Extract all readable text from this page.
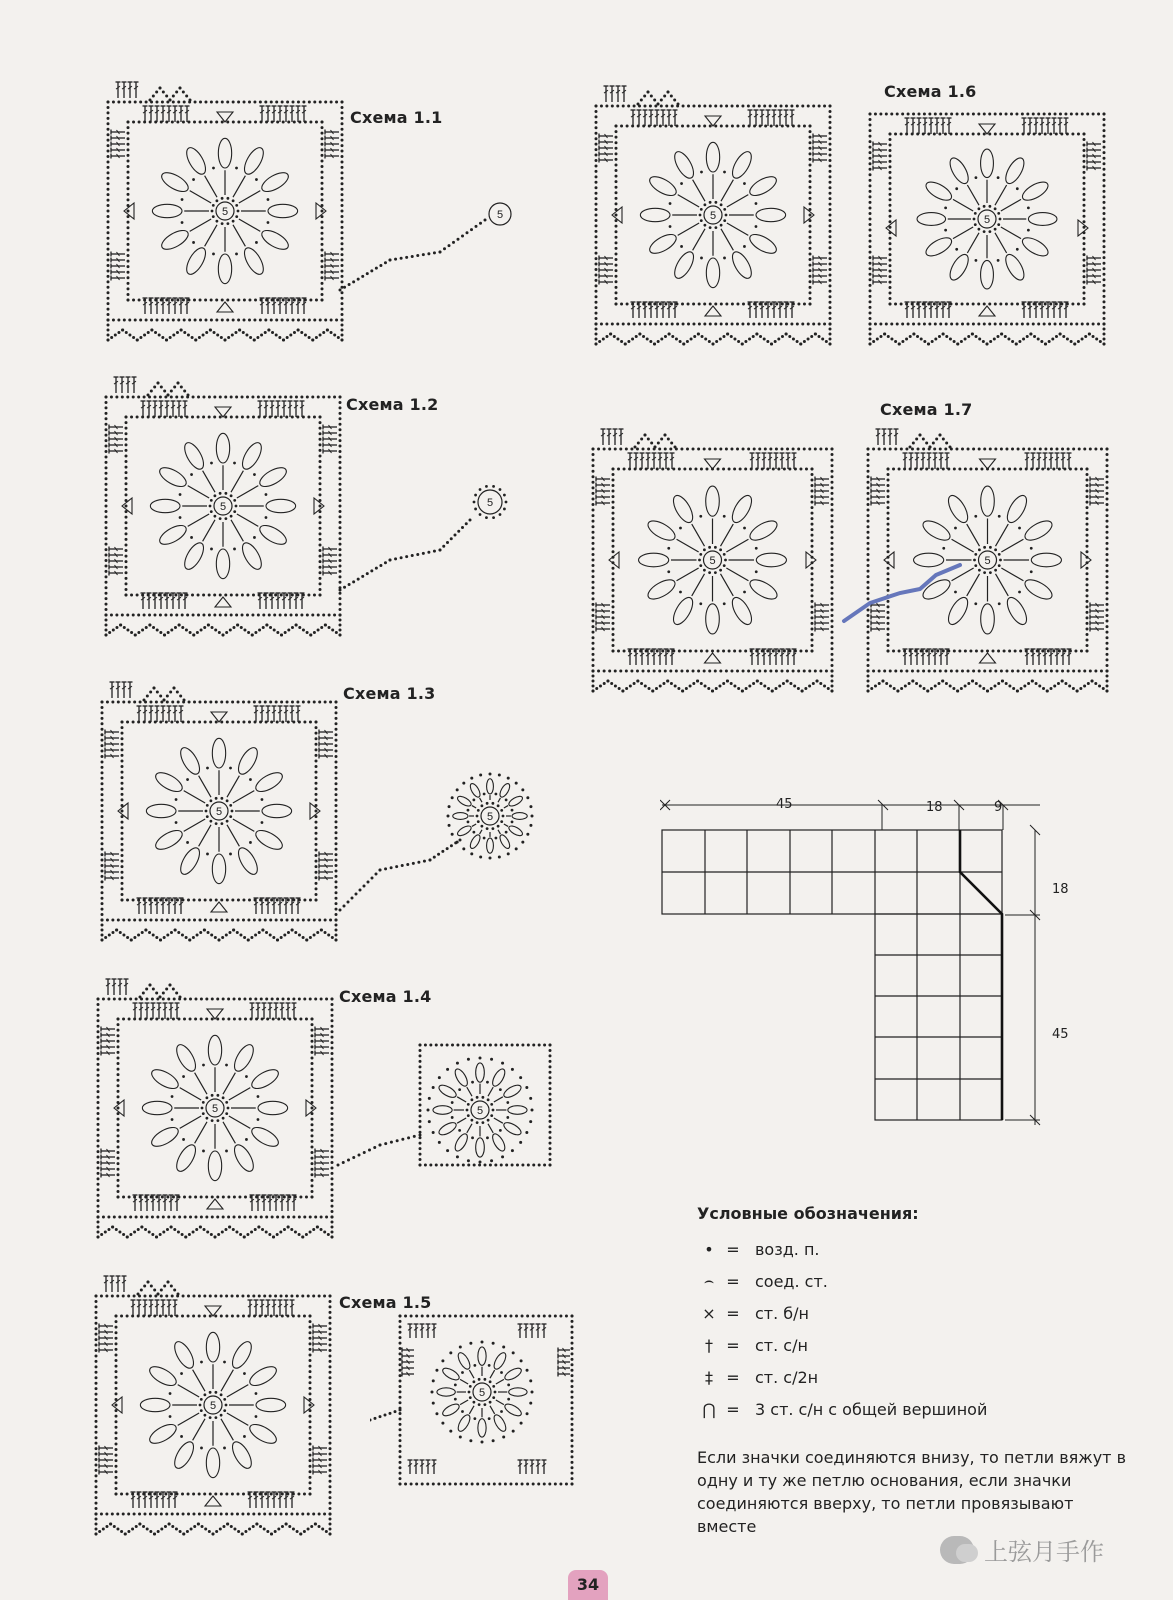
Схема 1.1
Схема 1.2
Схема 1.3
Схема 1.4
Схема 1.5
Схема 1.6
Схема 1.7
5
5
5
5
5
5	5
5	5
5
5
5
5
5
45	18	9
18
45
Условные обозначения:
• = возд. п.
⌢ = соед. ст.
× = ст. б/н
† = ст. с/н
‡ = ст. с/2н
⋂ = 3 ст. с/н с общей вершиной
Если значки соединяются внизу, то петли вяжут в одну и ту же петлю основания, если значки соединяются вверху, то петли провязывают вместе
34
上弦月手作
